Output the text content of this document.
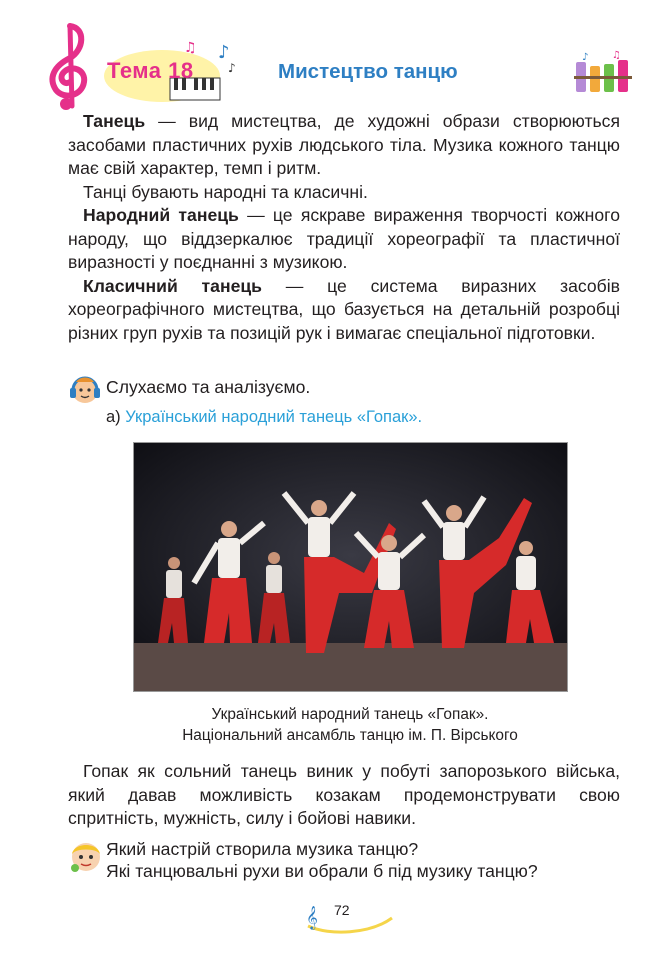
♪
♫
♪
Тема 18	Мистецтво танцю
♪ ♫

Танець — вид мистецтва, де художні образи створюються засобами пластичних рухів людського тіла. Музика кожного танцю має свій характер, темп і ритм.

Танці бувають народні та класичні.

Народний танець — це яскраве вираження творчості кожного народу, що віддзеркалює традиції хореографії та пластичної виразності у поєднанні з музикою.

Класичний танець — це система виразних засобів хореографічного мистецтва, що базується на детальній розробці різних груп рухів та позицій рук і вимагає спеціальної підготовки.

Слухаємо та аналізуємо.
а) Український народний танець «Гопак».
Український народний танець «Гопак».
Національний ансамбль танцю ім. П. Вірського

Гопак як сольний танець виник у побуті запорозького війська, який давав можливість козакам продемонструвати свою спритність, мужність, силу і бойові навики.

Який настрій створила музика танцю?
Які танцювальні рухи ви обрали б під музику танцю?
𝄞 72
